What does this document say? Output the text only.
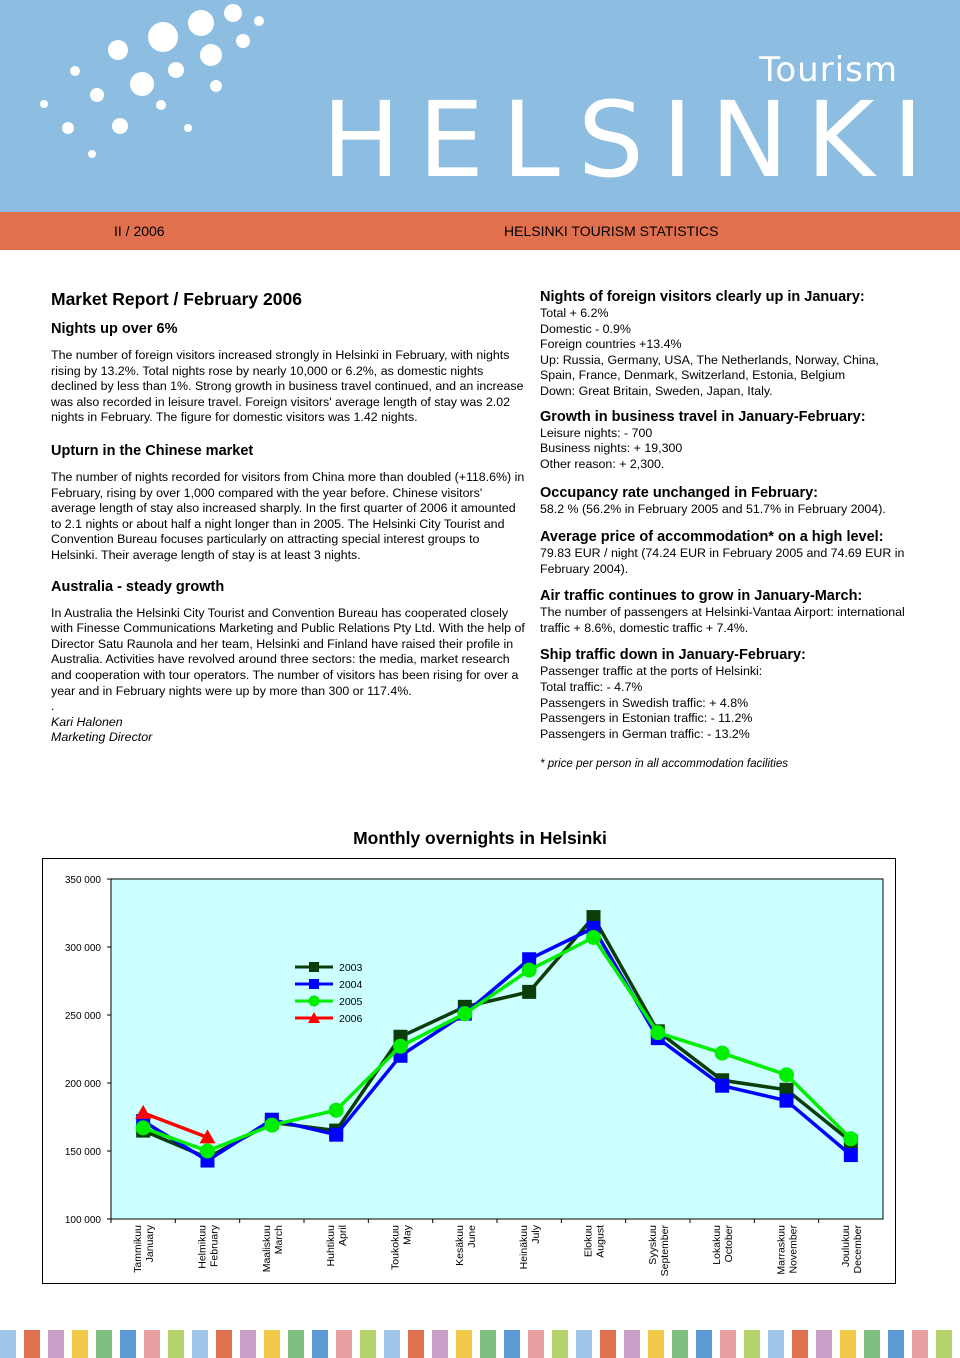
Tourism
HELSINKI
II / 2006	HELSINKI TOURISM STATISTICS
Market Report / February 2006
Nights up over 6%
The number of foreign visitors increased strongly in Helsinki in February, with nights rising by 13.2%. Total nights rose by nearly 10,000 or 6.2%, as domestic nights declined by less than 1%. Strong growth in business travel continued, and an increase was also recorded in leisure travel. Foreign visitors' average length of stay was 2.02 nights in February. The figure for domestic visitors was 1.42 nights.
Upturn in the Chinese market
The number of nights recorded for visitors from China more than doubled (+118.6%) in February, rising by over 1,000 compared with the year before. Chinese visitors' average length of stay also increased sharply. In the first quarter of 2006 it amounted to 2.1 nights or about half a night longer than in 2005. The Helsinki City Tourist and Convention Bureau focuses particularly on attracting special interest groups to Helsinki. Their average length of stay is at least 3 nights.
Australia - steady growth
In Australia the Helsinki City Tourist and Convention Bureau has cooperated closely with Finesse Communications Marketing and Public Relations Pty Ltd. With the help of Director Satu Raunola and her team, Helsinki and Finland have raised their profile in Australia. Activities have revolved around three sectors: the media, market research and cooperation with tour operators. The number of visitors has been rising for over a year and in February nights were up by more than 300 or 117.4%.
.
Kari Halonen
Marketing Director
Nights of foreign visitors clearly up in January:
Total + 6.2%
Domestic - 0.9%
Foreign countries +13.4%
Up: Russia, Germany, USA, The Netherlands, Norway, China, Spain, France, Denmark, Switzerland, Estonia, Belgium
Down: Great Britain, Sweden, Japan, Italy.
Growth in business travel in January-February:
Leisure nights: - 700
Business nights: + 19,300
Other reason: + 2,300.
Occupancy rate unchanged in February:
58.2 % (56.2% in February 2005 and 51.7% in February 2004).
Average price of accommodation* on a high level:
79.83 EUR / night (74.24 EUR in February 2005 and 74.69 EUR in February 2004).
Air traffic continues to grow in January-March:
The number of passengers at Helsinki-Vantaa Airport: international traffic + 8.6%, domestic traffic + 7.4%.
Ship traffic down in January-February:
Passenger traffic at the ports of Helsinki:
Total traffic: - 4.7%
Passengers in Swedish traffic: + 4.8%
Passengers in Estonian traffic: - 11.2%
Passengers in German traffic: - 13.2%
* price per person in all accommodation facilities
Monthly overnights in Helsinki
100 000
150 000
200 000
250 000
300 000
350 000
Tammikuu January	Helmikuu February	Maaliskuu March	Huhtikuu April	Toukokuu May	Kesäkuu June	Heinäkuu July	Elokuu August	Syyskuu September	Lokakuu October	Marraskuu November	Joulukuu December
2003
2004
2005
2006
